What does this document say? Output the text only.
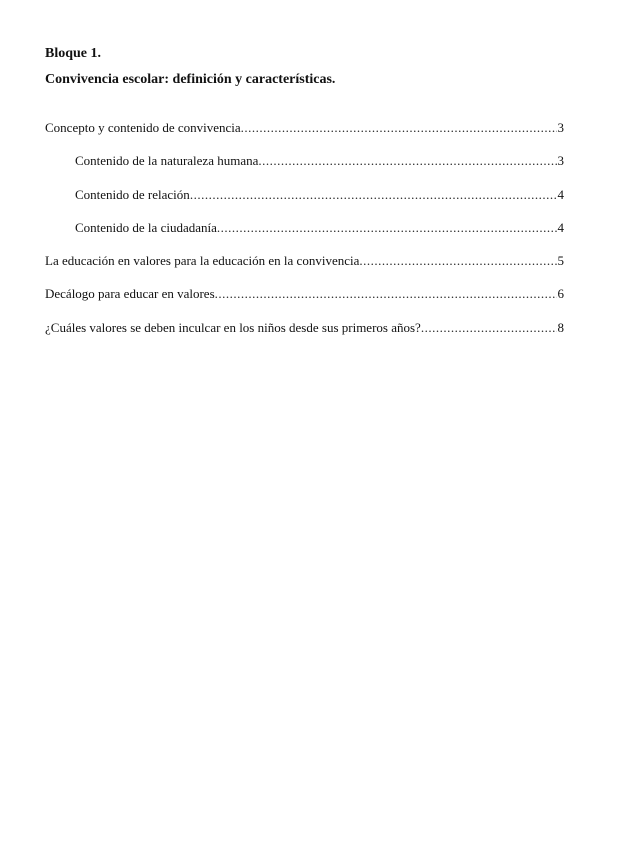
Bloque 1.
Convivencia escolar: definición y características.
Concepto y contenido de convivencia .....	3
Contenido de la naturaleza humana .....	3
Contenido de relación .....	4
Contenido de la ciudadanía .....	4
La educación en valores para la educación en la convivencia .....	5
Decálogo para educar en valores .....	6
¿Cuáles valores se deben inculcar en los niños desde sus primeros años? .....	8
